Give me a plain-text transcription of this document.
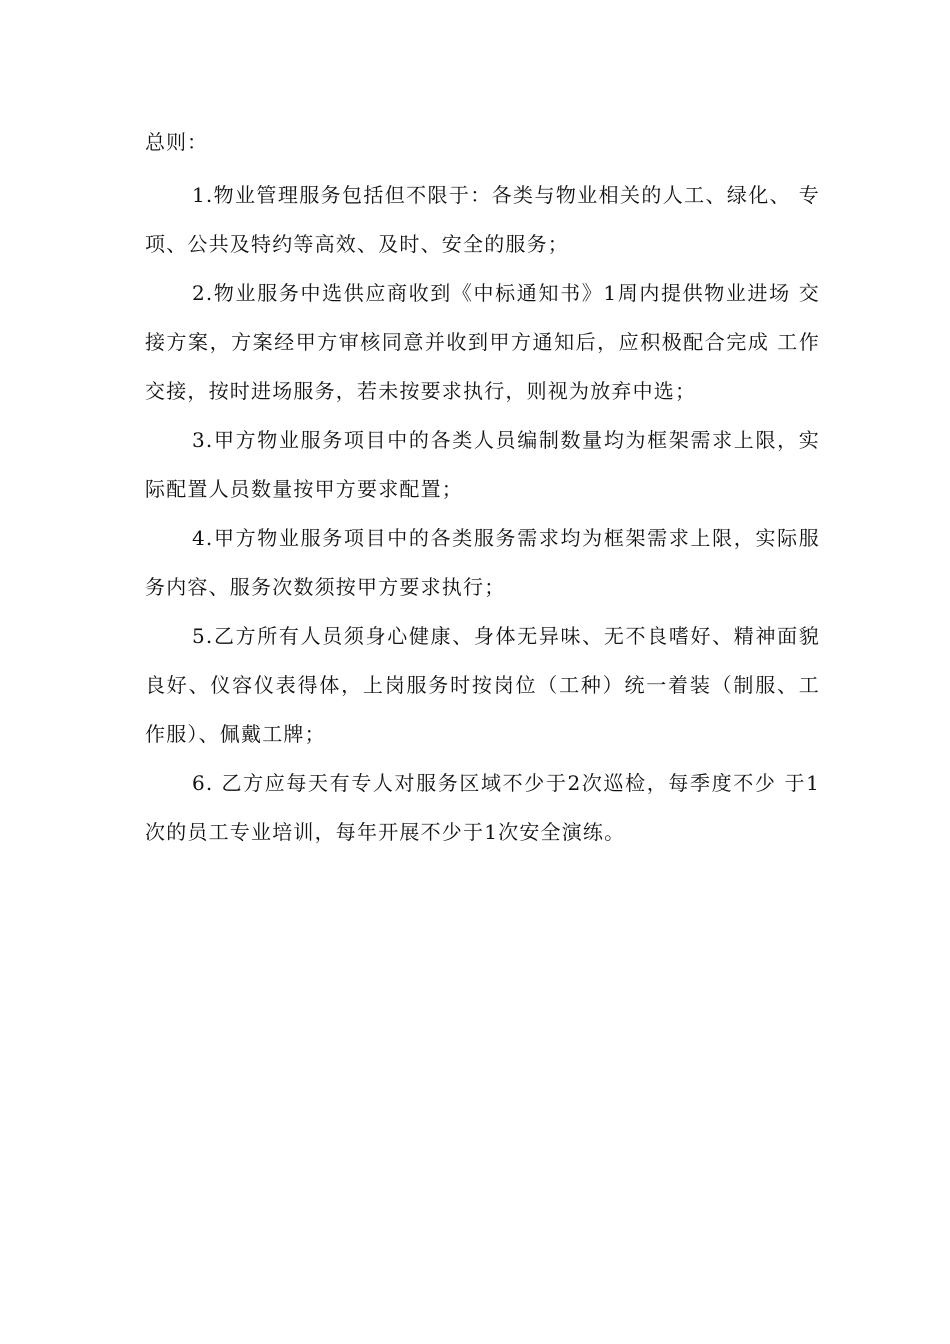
总则：

1.物业管理服务包括但不限于：各类与物业相关的人工、绿化、 专项、公共及特约等高效、及时、安全的服务；

2.物业服务中选供应商收到《中标通知书》1周内提供物业进场 交接方案，方案经甲方审核同意并收到甲方通知后，应积极配合完成 工作交接，按时进场服务，若未按要求执行，则视为放弃中选；

3.甲方物业服务项目中的各类人员编制数量均为框架需求上限，实际配置人员数量按甲方要求配置；

4.甲方物业服务项目中的各类服务需求均为框架需求上限，实际服务内容、服务次数须按甲方要求执行；

5.乙方所有人员须身心健康、身体无异味、无不良嗜好、精神面貌良好、仪容仪表得体，上岗服务时按岗位（工种）统一着装（制服、工作服）、佩戴工牌；

6. 乙方应每天有专人对服务区域不少于2次巡检，每季度不少 于1次的员工专业培训，每年开展不少于1次安全演练。
